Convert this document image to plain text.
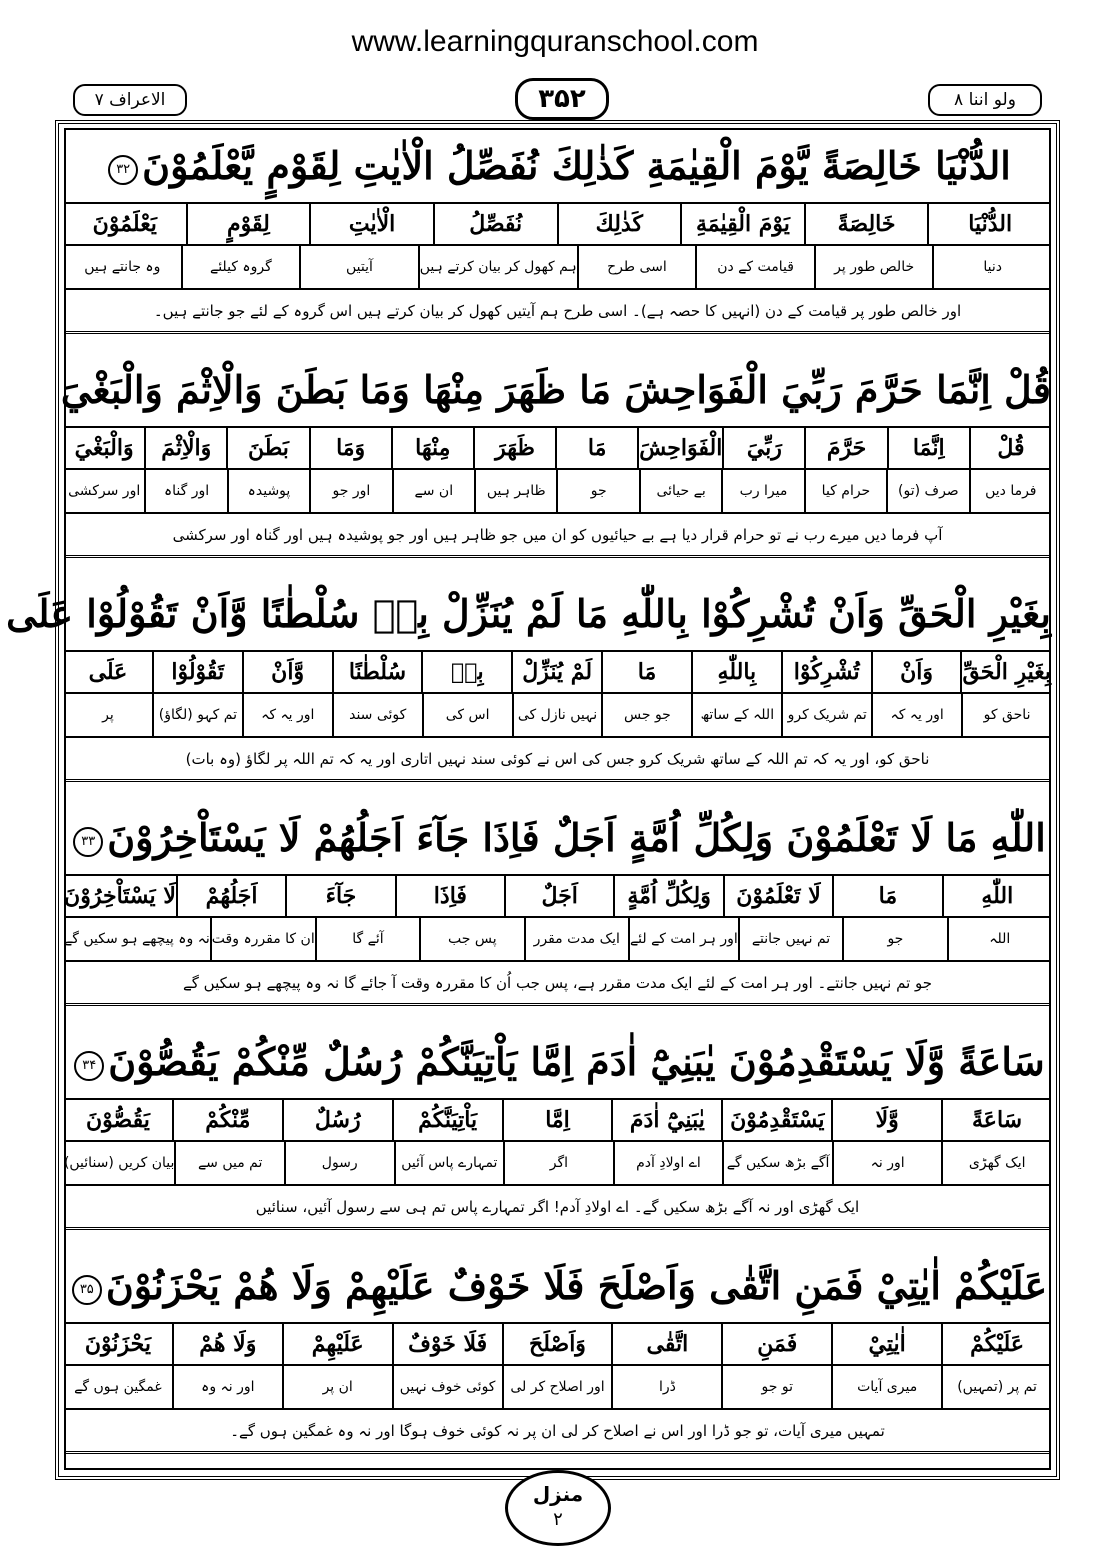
www.learningquranschool.com
الاعراف ۷	۳۵۲	ولو اننا ۸
الدُّنْيَا خَالِصَةً يَّوْمَ الْقِيٰمَةِ كَذٰلِكَ نُفَصِّلُ الْاٰيٰتِ لِقَوْمٍ يَّعْلَمُوْنَ۳۲
الدُّنْيَا
خَالِصَةً
يَوْمَ الْقِيٰمَةِ
كَذٰلِكَ
نُفَصِّلُ
الْاٰيٰتِ
لِقَوْمٍ
يَعْلَمُوْنَ
دنیا
خالص طور پر
قیامت کے دن
اسی طرح
ہم کھول کر بیان کرتے ہیں
آیتیں
گروہ کیلئے
وہ جانتے ہیں
اور خالص طور پر قیامت کے دن (انہیں کا حصہ ہے)۔ اسی طرح ہم آیتیں کھول کر بیان کرتے ہیں اس گروہ کے لئے جو جانتے ہیں۔
قُلْ اِنَّمَا حَرَّمَ رَبِّيَ الْفَوَاحِشَ مَا ظَهَرَ مِنْهَا وَمَا بَطَنَ وَالْاِثْمَ وَالْبَغْيَ
قُلْ
اِنَّمَا
حَرَّمَ
رَبِّيَ
الْفَوَاحِشَ
مَا
ظَهَرَ
مِنْهَا
وَمَا
بَطَنَ
وَالْاِثْمَ
وَالْبَغْيَ
فرما دیں
صرف (تو)
حرام کیا
میرا رب
بے حیائی
جو
ظاہر ہیں
ان سے
اور جو
پوشیدہ
اور گناہ
اور سرکشی
آپ فرما دیں میرے رب نے تو حرام قرار دیا ہے بے حیائیوں کو ان میں جو ظاہر ہیں اور جو پوشیدہ ہیں اور گناہ اور سرکشی
بِغَيْرِ الْحَقِّ وَاَنْ تُشْرِكُوْا بِاللّٰهِ مَا لَمْ يُنَزِّلْ بِهٖ سُلْطٰنًا وَّاَنْ تَقُوْلُوْا عَلَى
بِغَيْرِ الْحَقِّ
وَاَنْ
تُشْرِكُوْا
بِاللّٰهِ
مَا
لَمْ يُنَزِّلْ
بِهٖ
سُلْطٰنًا
وَّاَنْ
تَقُوْلُوْا
عَلَى
ناحق کو
اور یہ کہ
تم شریک کرو
اللہ کے ساتھ
جو جس
نہیں نازل کی
اس کی
کوئی سند
اور یہ کہ
تم کہو (لگاؤ)
پر
ناحق کو، اور یہ کہ تم اللہ کے ساتھ شریک کرو جس کی اس نے کوئی سند نہیں اتاری اور یہ کہ تم اللہ پر لگاؤ (وہ بات)
اللّٰهِ مَا لَا تَعْلَمُوْنَ وَلِكُلِّ اُمَّةٍ اَجَلٌ فَاِذَا جَآءَ اَجَلُهُمْ لَا يَسْتَاْخِرُوْنَ۳۳
اللّٰهِ
مَا
لَا تَعْلَمُوْنَ
وَلِكُلِّ اُمَّةٍ
اَجَلٌ
فَاِذَا
جَآءَ
اَجَلُهُمْ
لَا يَسْتَاْخِرُوْنَ
اللہ
جو
تم نہیں جانتے
اور ہر امت کے لئے
ایک مدت مقرر
پس جب
آئے گا
ان کا مقررہ وقت
نہ وہ پیچھے ہو سکیں گے
جو تم نہیں جانتے۔ اور ہر امت کے لئے ایک مدت مقرر ہے، پس جب اُن کا مقررہ وقت آ جائے گا نہ وہ پیچھے ہو سکیں گے
سَاعَةً وَّلَا يَسْتَقْدِمُوْنَ يٰبَنِيْٓ اٰدَمَ اِمَّا يَاْتِيَنَّكُمْ رُسُلٌ مِّنْكُمْ يَقُصُّوْنَ۳۴
سَاعَةً
وَّلَا
يَسْتَقْدِمُوْنَ
يٰبَنِيْٓ اٰدَمَ
اِمَّا
يَاْتِيَنَّكُمْ
رُسُلٌ
مِّنْكُمْ
يَقُصُّوْنَ
ایک گھڑی
اور نہ
آگے بڑھ سکیں گے
اے اولادِ آدم
اگر
تمہارے پاس آئیں
رسول
تم میں سے
بیان کریں (سنائیں)
ایک گھڑی اور نہ آگے بڑھ سکیں گے۔ اے اولادِ آدم! اگر تمہارے پاس تم ہی سے رسول آئیں، سنائیں
عَلَيْكُمْ اٰيٰتِيْ فَمَنِ اتَّقٰى وَاَصْلَحَ فَلَا خَوْفٌ عَلَيْهِمْ وَلَا هُمْ يَحْزَنُوْنَ۳۵
عَلَيْكُمْ
اٰيٰتِيْ
فَمَنِ
اتَّقٰى
وَاَصْلَحَ
فَلَا خَوْفٌ
عَلَيْهِمْ
وَلَا هُمْ
يَحْزَنُوْنَ
تم پر (تمہیں)
میری آیات
تو جو
ڈرا
اور اصلاح کر لی
کوئی خوف نہیں
ان پر
اور نہ وہ
غمگین ہوں گے
تمہیں میری آیات، تو جو ڈرا اور اس نے اصلاح کر لی ان پر نہ کوئی خوف ہوگا اور نہ وہ غمگین ہوں گے۔
منزل
۲
